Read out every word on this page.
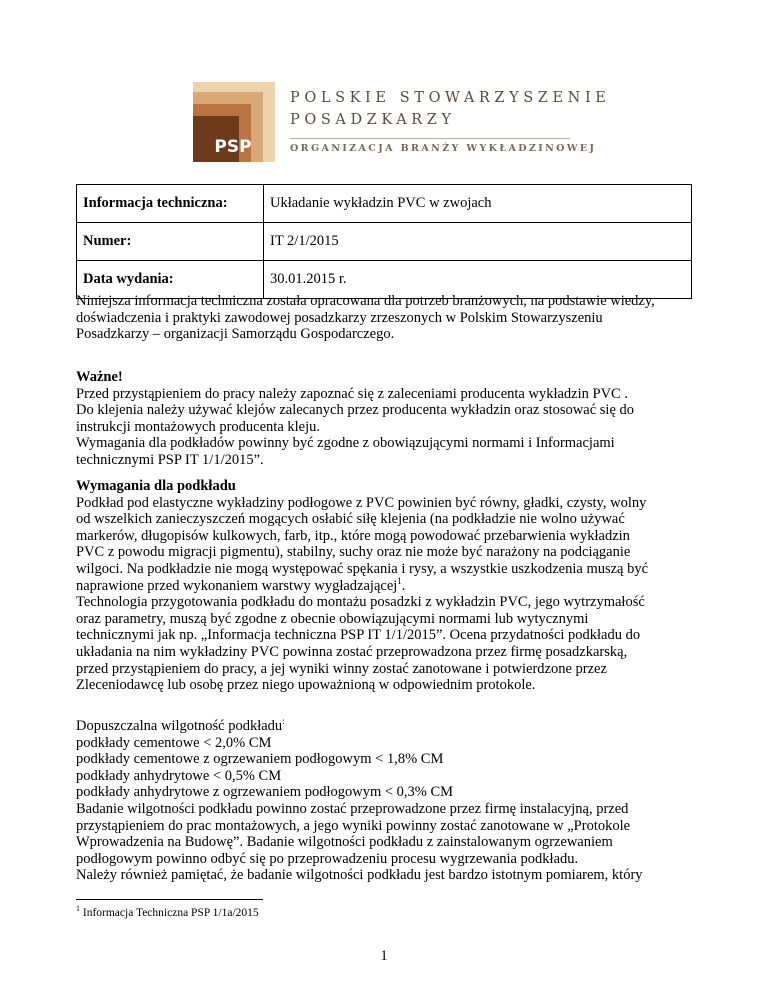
PSP
POLSKIE STOWARZYSZENIE
POSADZKARZY
ORGANIZACJA BRANŻY WYKŁADZINOWEJ
Informacja techniczna:	Układanie wykładzin PVC w zwojach
Numer:	IT 2/1/2015
Data wydania:	30.01.2015 r.
Niniejsza informacja techniczna została opracowana dla potrzeb branżowych, na podstawie wiedzy,
doświadczenia i praktyki zawodowej posadzkarzy zrzeszonych w Polskim Stowarzyszeniu
Posadzkarzy – organizacji Samorządu Gospodarczego.
Ważne!
Przed przystąpieniem do pracy należy zapoznać się z zaleceniami producenta wykładzin PVC .
Do klejenia należy używać klejów zalecanych przez producenta wykładzin oraz stosować się do
instrukcji montażowych producenta kleju.
Wymagania dla podkładów powinny być zgodne z obowiązującymi normami i Informacjami
technicznymi PSP IT 1/1/2015”.
Wymagania dla podkładu
Podkład pod elastyczne wykładziny podłogowe z PVC powinien być równy, gładki, czysty, wolny
od wszelkich zanieczyszczeń mogących osłabić siłę klejenia (na podkładzie nie wolno używać
markerów, długopisów kulkowych, farb, itp., które mogą powodować przebarwienia wykładzin
PVC z powodu migracji pigmentu), stabilny, suchy oraz nie może być narażony na podciąganie
wilgoci. Na podkładzie nie mogą występować spękania i rysy, a wszystkie uszkodzenia muszą być
naprawione przed wykonaniem warstwy wygładzającej$^1$.
Technologia przygotowania podkładu do montażu posadzki z wykładzin PVC, jego wytrzymałość
oraz parametry, muszą być zgodne z obecnie obowiązującymi normami lub wytycznymi
technicznymi jak np. „Informacja techniczna PSP IT 1/1/2015”. Ocena przydatności podkładu do
układania na nim wykładziny PVC powinna zostać przeprowadzona przez firmę posadzkarską,
przed przystąpieniem do pracy, a jej wyniki winny zostać zanotowane i potwierdzone przez
Zleceniodawcę lub osobę przez niego upoważnioną w odpowiednim protokole.
Dopuszczalna wilgotność podkładu:
podkłady cementowe < 2,0% CM
podkłady cementowe z ogrzewaniem podłogowym < 1,8% CM
podkłady anhydrytowe < 0,5% CM
podkłady anhydrytowe z ogrzewaniem podłogowym < 0,3% CM
Badanie wilgotności podkładu powinno zostać przeprowadzone przez firmę instalacyjną, przed
przystąpieniem do prac montażowych, a jego wyniki powinny zostać zanotowane w „Protokole
Wprowadzenia na Budowę”. Badanie wilgotności podkładu z zainstalowanym ogrzewaniem
podłogowym powinno odbyć się po przeprowadzeniu procesu wygrzewania podkładu.
Należy również pamiętać, że badanie wilgotności podkładu jest bardzo istotnym pomiarem, który
$^1$ Informacja Techniczna PSP 1/1a/2015
1
